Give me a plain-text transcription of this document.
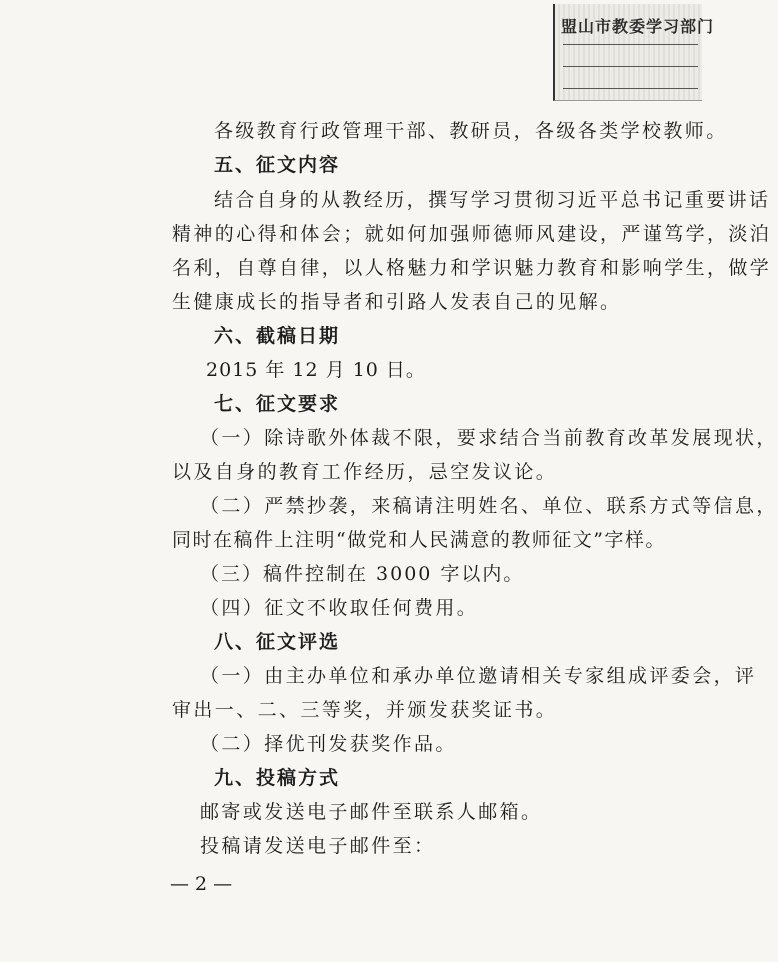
盟山市教委学习部门
各级教育行政管理干部、教研员，各级各类学校教师。
五、征文内容
结合自身的从教经历，撰写学习贯彻习近平总书记重要讲话
精神的心得和体会；就如何加强师德师风建设，严谨笃学，淡泊
名利，自尊自律，以人格魅力和学识魅力教育和影响学生，做学
生健康成长的指导者和引路人发表自己的见解。
六、截稿日期
2015 年 12 月 10 日。
七、征文要求
（一）除诗歌外体裁不限，要求结合当前教育改革发展现状，
以及自身的教育工作经历，忌空发议论。
（二）严禁抄袭，来稿请注明姓名、单位、联系方式等信息，
同时在稿件上注明“做党和人民满意的教师征文”字样。
（三）稿件控制在 3000 字以内。
（四）征文不收取任何费用。
八、征文评选
（一）由主办单位和承办单位邀请相关专家组成评委会，评
审出一、二、三等奖，并颁发获奖证书。
（二）择优刊发获奖作品。
九、投稿方式
邮寄或发送电子邮件至联系人邮箱。
投稿请发送电子邮件至：
— 2 —
